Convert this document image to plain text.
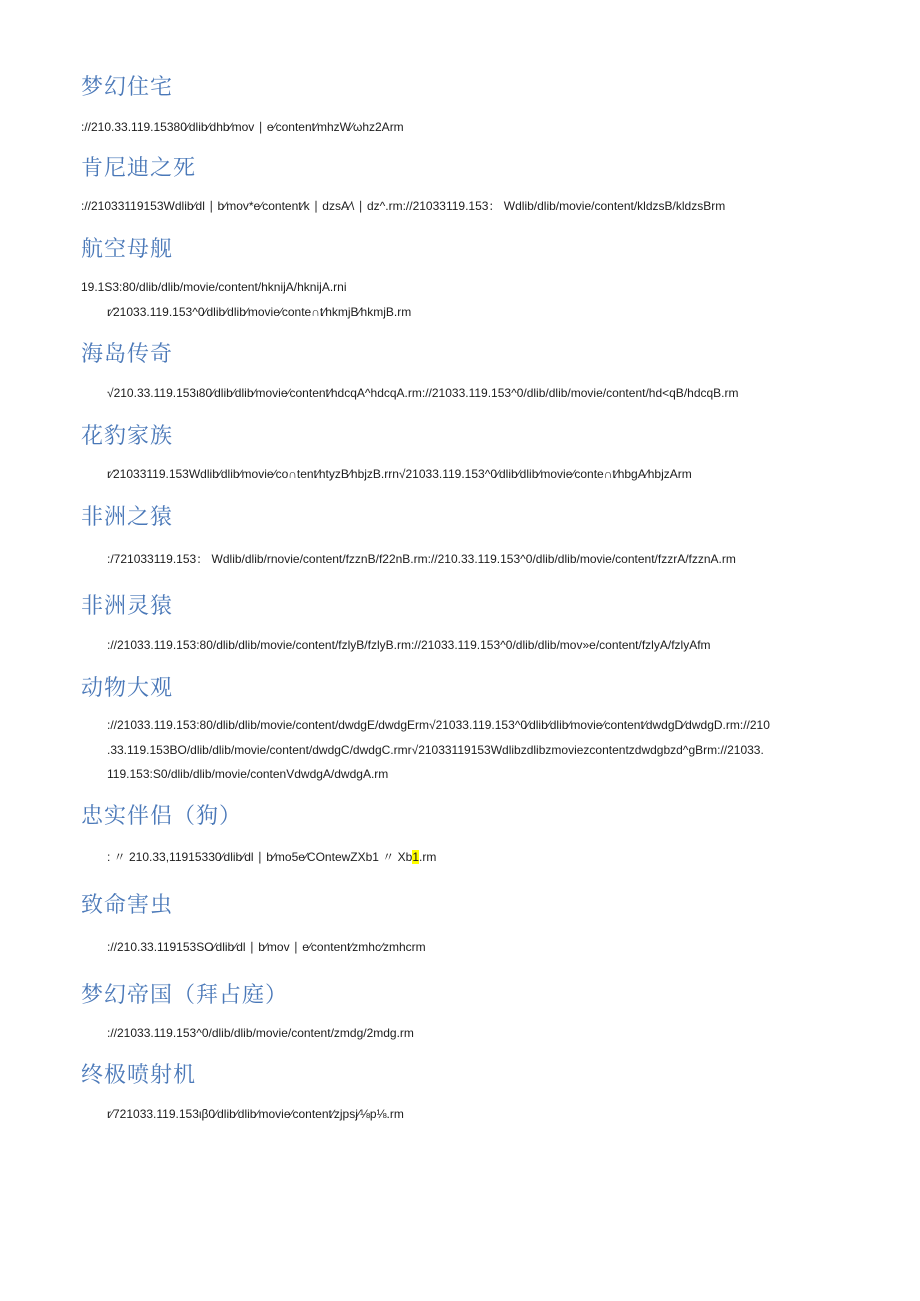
梦幻住宅

://210.33.119.15380∕dlib∕dhb∕mov ∣ e∕content∕mhzW∕ωhz2Arm

肯尼迪之死

://21033119153Wdlib∕dl ∣ b∕mov*e∕content∕k ∣ dzsA∕\ ∣ dz^.rm://21033119.153： Wdlib/dlib/movie/content/kldzsB/kldzsBrm

航空母舰

19.1S3:80/dlib/dlib/movie/content/hknijA/hknijA.rni

r∕21033.119.153^0∕dlib∕dlib∕movie∕conte∩t∕hkmjB∕hkmjB.rm

海岛传奇

√210.33.119.153ι80∕dlib∕dlib∕movie∕content∕hdcqA^hdcqA.rm://21033.119.153^0/dlib/dlib/movie/content/hd<qB/hdcqB.rm

花豹家族

r∕21033119.153Wdlib∕dlib∕movie∕co∩tent∕htyzB∕hbjzB.rrn√21033.119.153^0∕dlib∕dlib∕movie∕conte∩t∕hbgA∕hbjzArm

非洲之猿

:/721033119.153： Wdlib/dlib/rnovie/content/fzznB/f22nB.rm://210.33.119.153^0/dlib/dlib/movie/content/fzzrA/fzznA.rm

非洲灵猿

://21033.119.153:80/dlib/dlib/movie/content/fzlyB/fzlyB.rm://21033.119.153^0/dlib/dlib/mov»e/content/fzlyA/fzlyAfm

动物大观

://21033.119.153:80/dlib/dlib/movie/content/dwdgE/dwdgErm√21033.119.153^0∕dlib∕dlib∕movie∕content∕dwdgD∕dwdgD.rm://210

.33.119.153BO/dlib/dlib/movie/content/dwdgC/dwdgC.rmr√21033119153Wdlibzdlibzmoviezcontentzdwdgbzd^gBrm://21033.

119.153:S0/dlib/dlib/movie/contenVdwdgA/dwdgA.rm

忠实伴侣（狗）

: 〃 210.33,11915330∕dlib∕dl ∣ b∕mo5e∕COntewZXb1 〃 Xb1.rm

致命害虫

://210.33.119153SO∕dlib∕dl ∣ b∕mov ∣ e∕content∕zmhc∕zmhcrm

梦幻帝国（拜占庭）

://21033.119.153^0/dlib/dlib/movie/content/zmdg/2mdg.rm

终极喷射机

r∕721033.119.153ιβ0∕dlib∕dlib∕movie∕content∕zjpsj∕⅛p⅛.rm
